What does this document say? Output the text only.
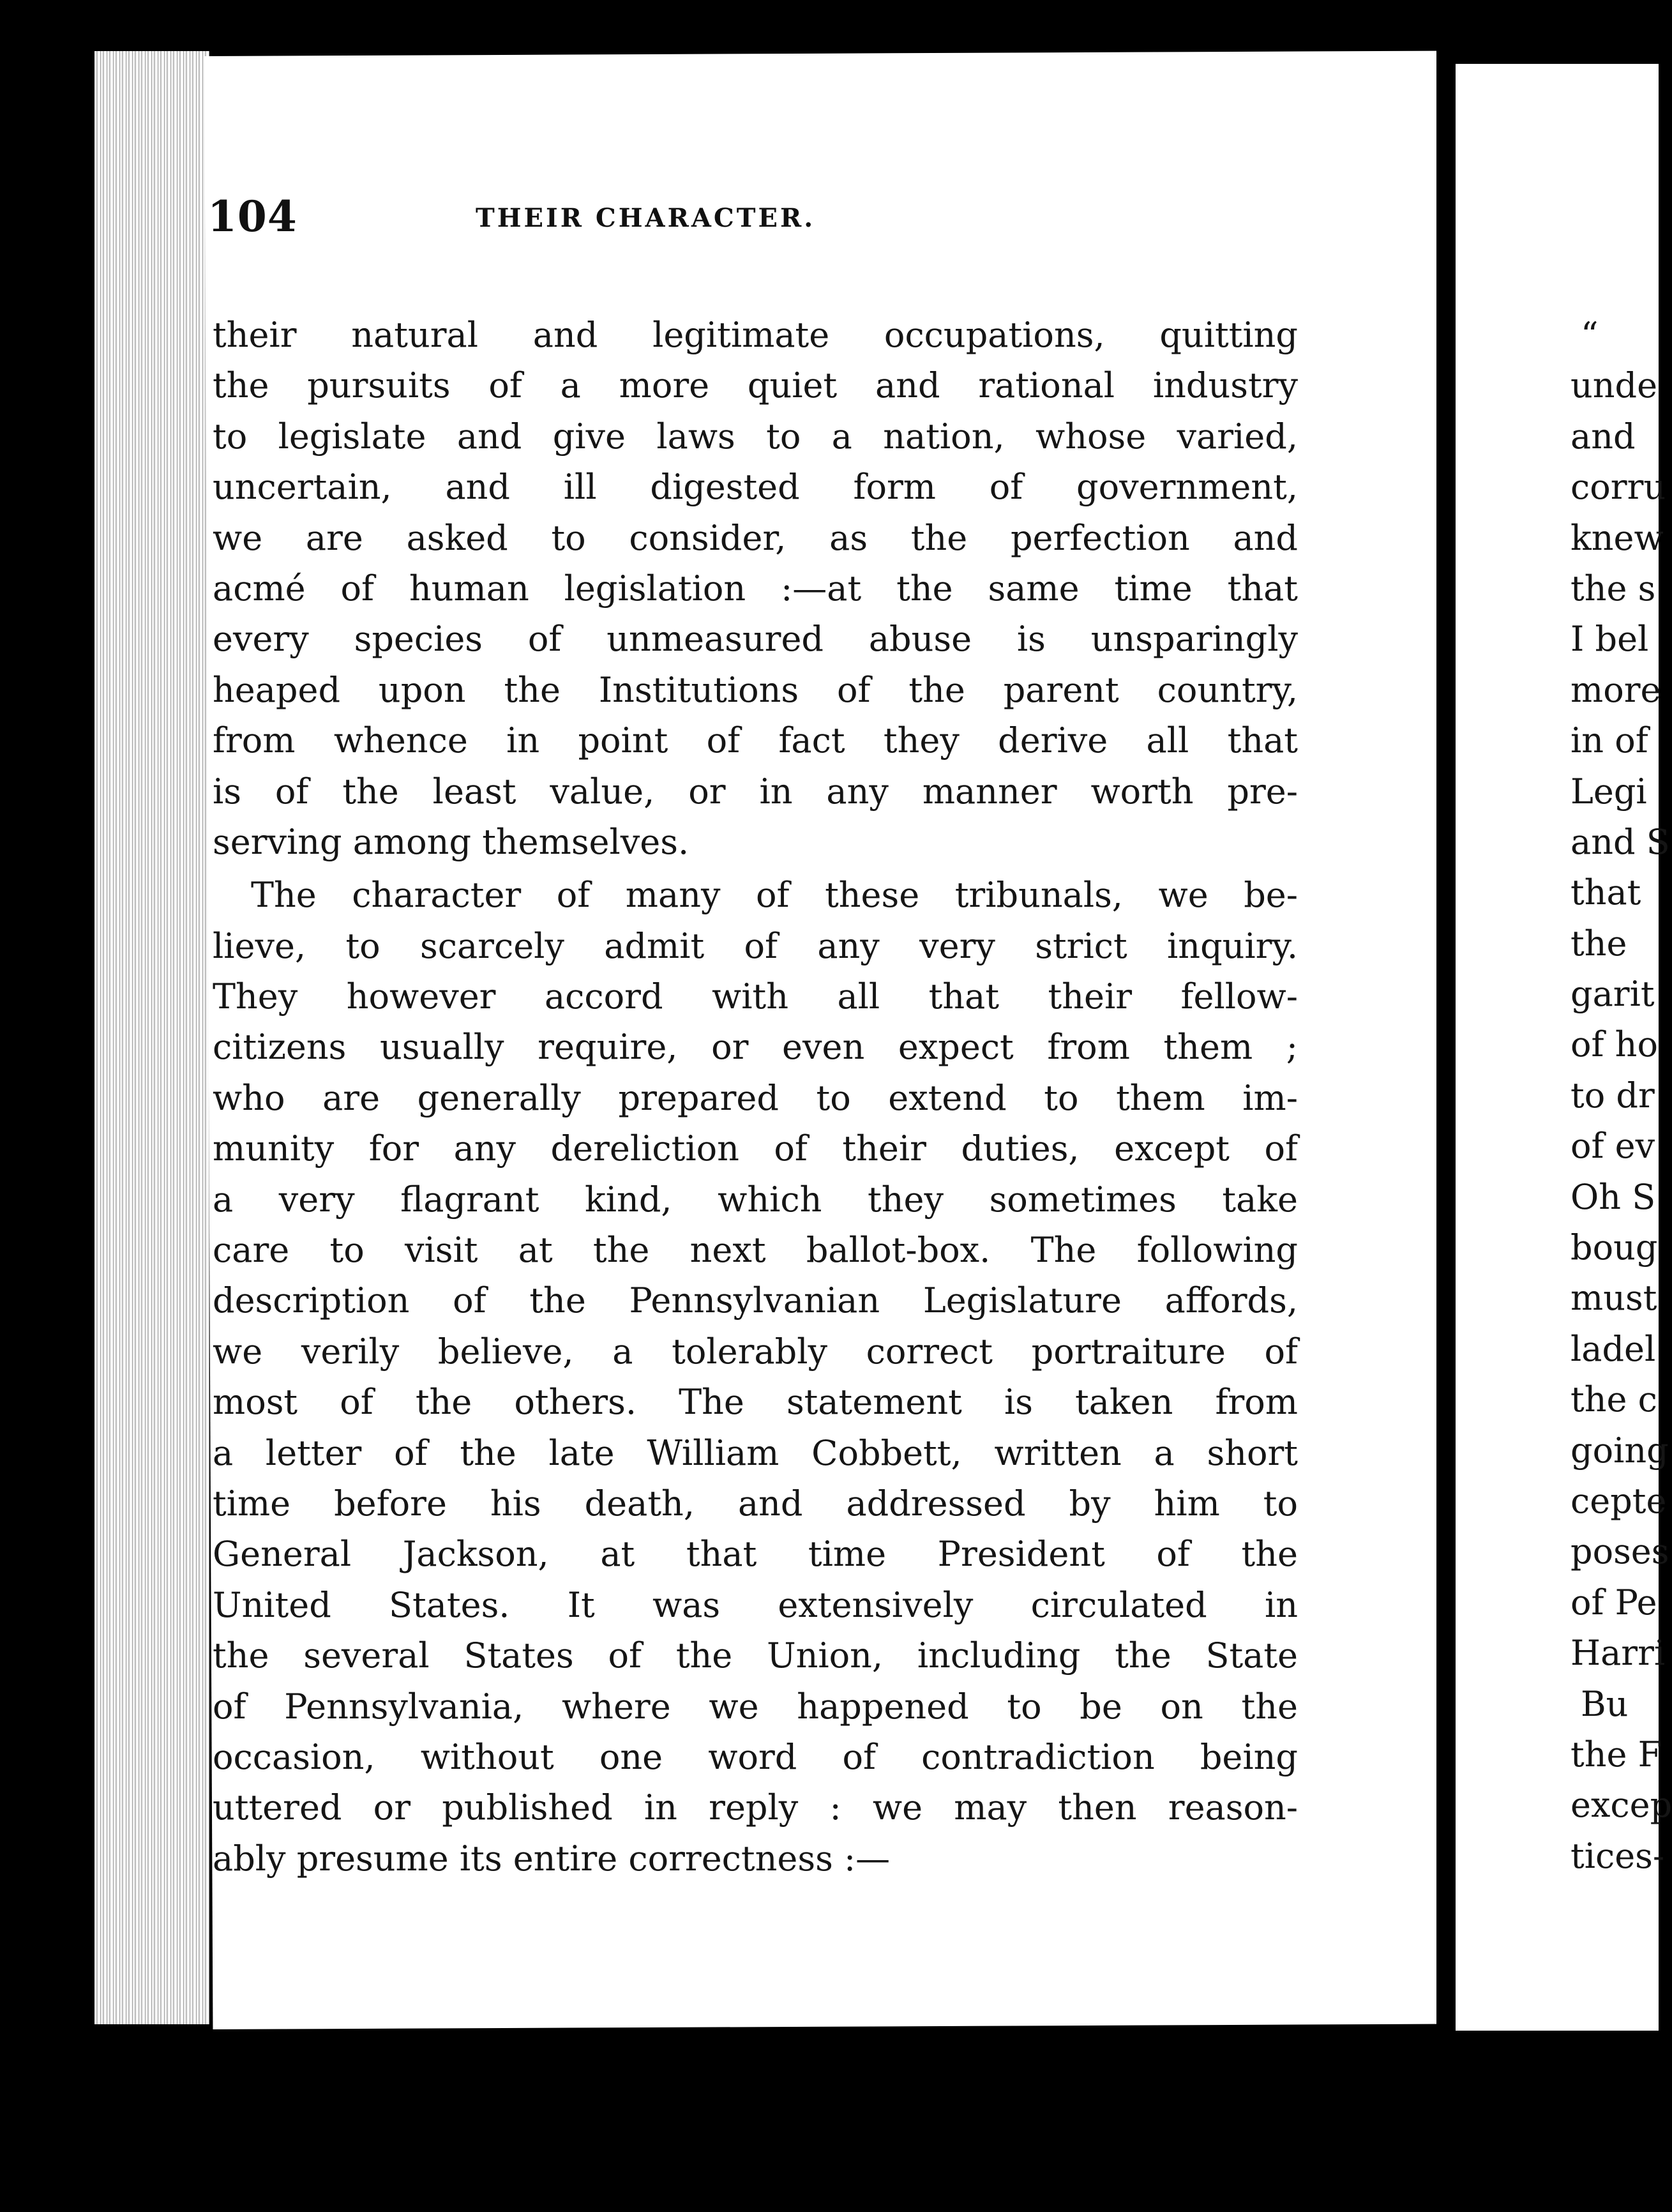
104	THEIR CHARACTER.
their natural and legitimate occupations, quitting
the pursuits of a more quiet and rational industry
to legislate and give laws to a nation, whose varied,
uncertain, and ill digested form of government,
we are asked to consider, as the perfection and
acmé of human legislation :—at the same time that
every species of unmeasured abuse is unsparingly
heaped upon the Institutions of the parent country,
from whence in point of fact they derive all that
is of the least value, or in any manner worth pre-
serving among themselves.
The character of many of these tribunals, we be-
lieve, to scarcely admit of any very strict inquiry.
They however accord with all that their fellow-
citizens usually require, or even expect from them ;
who are generally prepared to extend to them im-
munity for any dereliction of their duties, except of
a very flagrant kind, which they sometimes take
care to visit at the next ballot-box. The following
description of the Pennsylvanian Legislature affords,
we verily believe, a tolerably correct portraiture of
most of the others. The statement is taken from
a letter of the late William Cobbett, written a short
time before his death, and addressed by him to
General Jackson, at that time President of the
United States. It was extensively circulated in
the several States of the Union, including the State
of Pennsylvania, where we happened to be on the
occasion, without one word of contradiction being
uttered or published in reply : we may then reason-
ably presume its entire correctness :—
“
unde
and
corru
knew
the s
I bel
more
in of
Legi
and S
that
the
garit
of ho
to dr
of ev
Oh S
boug
must
ladel
the c
going
cepte
poses
of Pe
Harri
Bu
the F
excep
tices-
